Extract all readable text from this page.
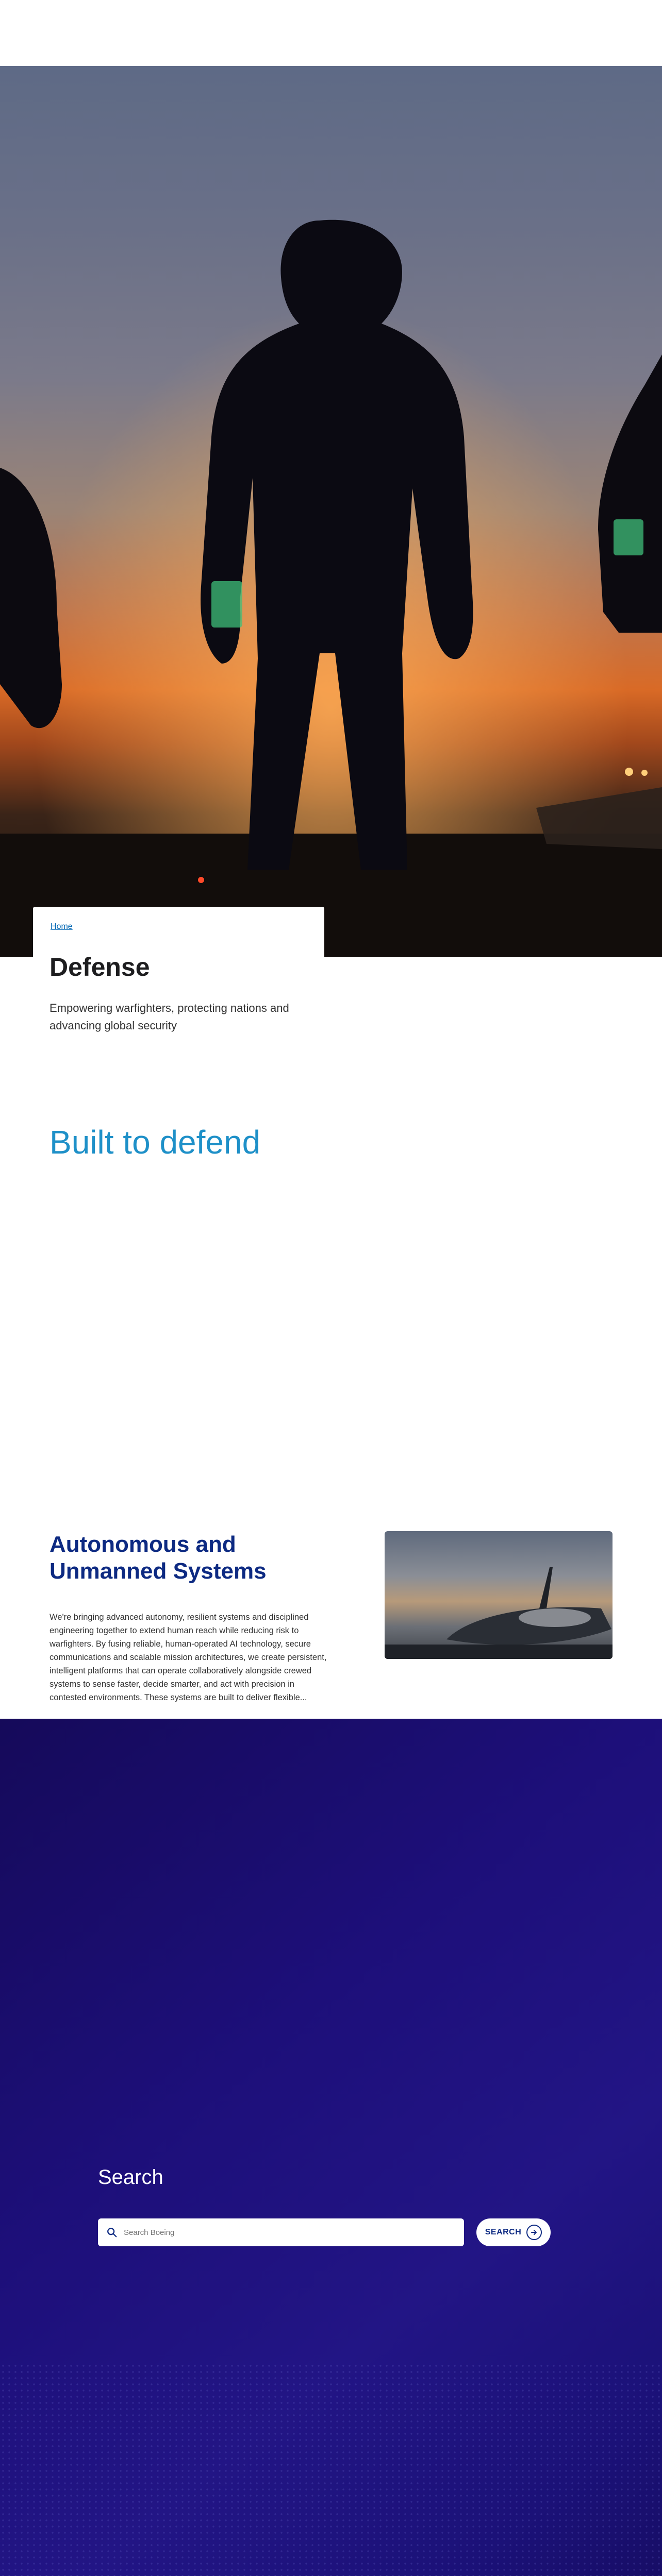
Home
Defense

Empowering warfighters, protecting nations and advancing global security

Built to defend
Autonomous and Unmanned Systems

We're bringing advanced autonomy, resilient systems and disciplined engineering together to extend human reach while reducing risk to warfighters. By fusing reliable, human-operated AI technology, secure communications and scalable mission architectures, we create persistent, intelligent platforms that can operate collaboratively alongside crewed systems to sense faster, decide smarter, and act with precision in contested environments. These systems are built to deliver flexible...

Search
Search Boeing
SEARCH
